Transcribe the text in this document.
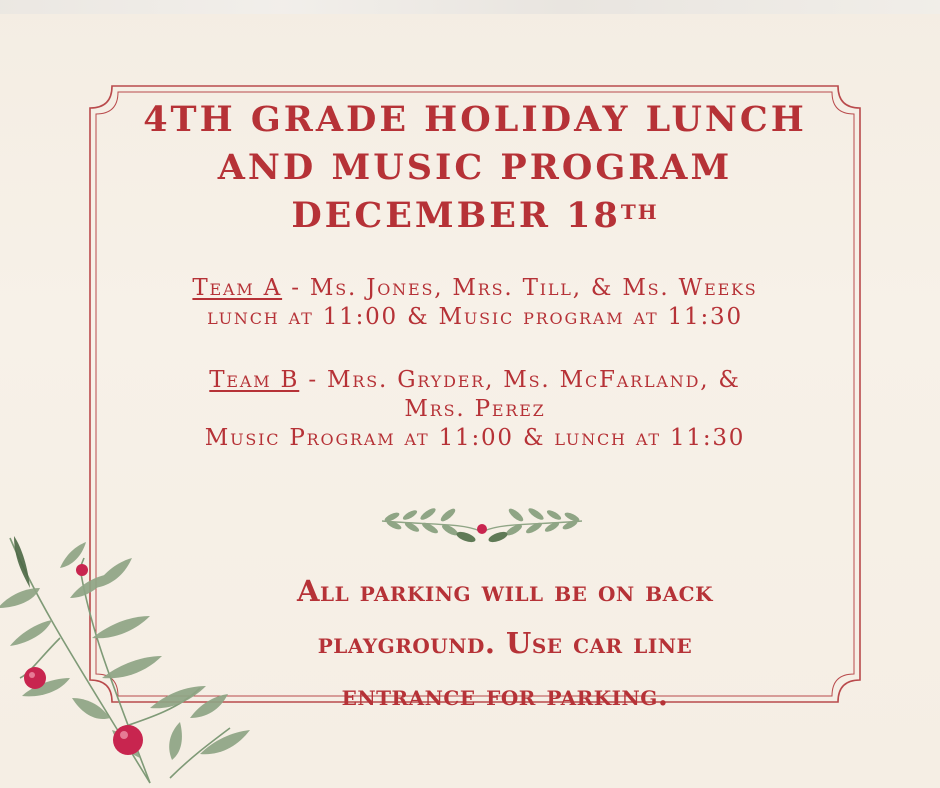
4TH GRADE HOLIDAY LUNCH
AND MUSIC PROGRAM
DECEMBER 18TH
Team A - Ms. Jones, Mrs. Till, & Ms. Weeks
lunch at 11:00 & Music program at 11:30
Team B - Mrs. Gryder, Ms. McFarland, &
Mrs. Perez
Music Program at 11:00 & lunch at 11:30
All parking will be on back
playground. Use car line
entrance for parking.
